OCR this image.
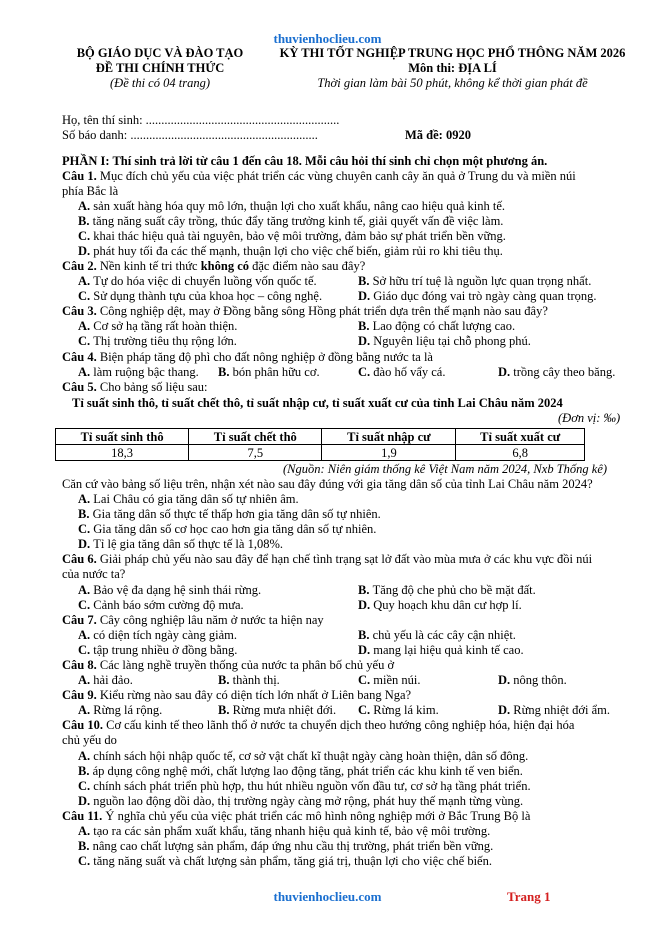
thuvienhoclieu.com
BỘ GIÁO DỤC VÀ ĐÀO TẠO
ĐỀ THI CHÍNH THỨC
(Đề thi có 04 trang)
KỲ THI TỐT NGHIỆP TRUNG HỌC PHỔ THÔNG NĂM 2026
Môn thi: ĐỊA LÍ
Thời gian làm bài 50 phút, không kể thời gian phát đề
Họ, tên thí sinh: ..............................................................
Số báo danh: ............................................................	Mã đề: 0920
PHẦN I: Thí sinh trả lời từ câu 1 đến câu 18. Mỗi câu hỏi thí sinh chỉ chọn một phương án.
Câu 1. Mục đích chủ yếu của việc phát triển các vùng chuyên canh cây ăn quả ở Trung du và miền núi
phía Bắc là
A. sản xuất hàng hóa quy mô lớn, thuận lợi cho xuất khẩu, nâng cao hiệu quả kinh tế.
B. tăng năng suất cây trồng, thúc đẩy tăng trưởng kinh tế, giải quyết vấn đề việc làm.
C. khai thác hiệu quả tài nguyên, bảo vệ môi trường, đảm bảo sự phát triển bền vững.
D. phát huy tối đa các thế mạnh, thuận lợi cho việc chế biến, giảm rủi ro khi tiêu thụ.
Câu 2. Nền kinh tế tri thức không có đặc điểm nào sau đây?
A. Tự do hóa việc di chuyển luồng vốn quốc tế.	B. Sở hữu trí tuệ là nguồn lực quan trọng nhất.
C. Sử dụng thành tựu của khoa học – công nghệ.	D. Giáo dục đóng vai trò ngày càng quan trọng.
Câu 3. Công nghiệp dệt, may ở Đồng bằng sông Hồng phát triển dựa trên thế mạnh nào sau đây?
A. Cơ sở hạ tầng rất hoàn thiện.	B. Lao động có chất lượng cao.
C. Thị trường tiêu thụ rộng lớn.	D. Nguyên liệu tại chỗ phong phú.
Câu 4. Biện pháp tăng độ phì cho đất nông nghiệp ở đồng bằng nước ta là
A. làm ruộng bậc thang. B. bón phân hữu cơ.	C. đào hố vẩy cá.	D. trồng cây theo băng.
Câu 5. Cho bảng số liệu sau:
Tỉ suất sinh thô, tỉ suất chết thô, tỉ suất nhập cư, tỉ suất xuất cư của tỉnh Lai Châu năm 2024
(Đơn vị: ‰)
Tỉ suất sinh thô	Tỉ suất chết thô	Tỉ suất nhập cư	Tỉ suất xuất cư
18,3	7,5	1,9	6,8
(Nguồn: Niên giám thống kê Việt Nam năm 2024, Nxb Thống kê)
Căn cứ vào bảng số liệu trên, nhận xét nào sau đây đúng với gia tăng dân số của tỉnh Lai Châu năm 2024?
A. Lai Châu có gia tăng dân số tự nhiên âm.
B. Gia tăng dân số thực tế thấp hơn gia tăng dân số tự nhiên.
C. Gia tăng dân số cơ học cao hơn gia tăng dân số tự nhiên.
D. Tỉ lệ gia tăng dân số thực tế là 1,08%.
Câu 6. Giải pháp chủ yếu nào sau đây để hạn chế tình trạng sạt lở đất vào mùa mưa ở các khu vực đồi núi
của nước ta?
A. Bảo vệ đa dạng hệ sinh thái rừng.	B. Tăng độ che phủ cho bề mặt đất.
C. Cảnh báo sớm cường độ mưa.	D. Quy hoạch khu dân cư hợp lí.
Câu 7. Cây công nghiệp lâu năm ở nước ta hiện nay
A. có diện tích ngày càng giảm.	B. chủ yếu là các cây cận nhiệt.
C. tập trung nhiều ở đồng bằng.	D. mang lại hiệu quả kinh tế cao.
Câu 8. Các làng nghề truyền thống của nước ta phân bố chủ yếu ở
A. hải đảo.	B. thành thị.	C. miền núi.	D. nông thôn.
Câu 9. Kiểu rừng nào sau đây có diện tích lớn nhất ở Liên bang Nga?
A. Rừng lá rộng.	B. Rừng mưa nhiệt đới. C. Rừng lá kim.	D. Rừng nhiệt đới ẩm.
Câu 10. Cơ cấu kinh tế theo lãnh thổ ở nước ta chuyển dịch theo hướng công nghiệp hóa, hiện đại hóa
chủ yếu do
A. chính sách hội nhập quốc tế, cơ sở vật chất kĩ thuật ngày càng hoàn thiện, dân số đông.
B. áp dụng công nghệ mới, chất lượng lao động tăng, phát triển các khu kinh tế ven biển.
C. chính sách phát triển phù hợp, thu hút nhiều nguồn vốn đầu tư, cơ sở hạ tầng phát triển.
D. nguồn lao động dồi dào, thị trường ngày càng mở rộng, phát huy thế mạnh từng vùng.
Câu 11. Ý nghĩa chủ yếu của việc phát triển các mô hình nông nghiệp mới ở Bắc Trung Bộ là
A. tạo ra các sản phẩm xuất khẩu, tăng nhanh hiệu quả kinh tế, bảo vệ môi trường.
B. nâng cao chất lượng sản phẩm, đáp ứng nhu cầu thị trường, phát triển bền vững.
C. tăng năng suất và chất lượng sản phẩm, tăng giá trị, thuận lợi cho việc chế biến.
thuvienhoclieu.com	Trang 1
